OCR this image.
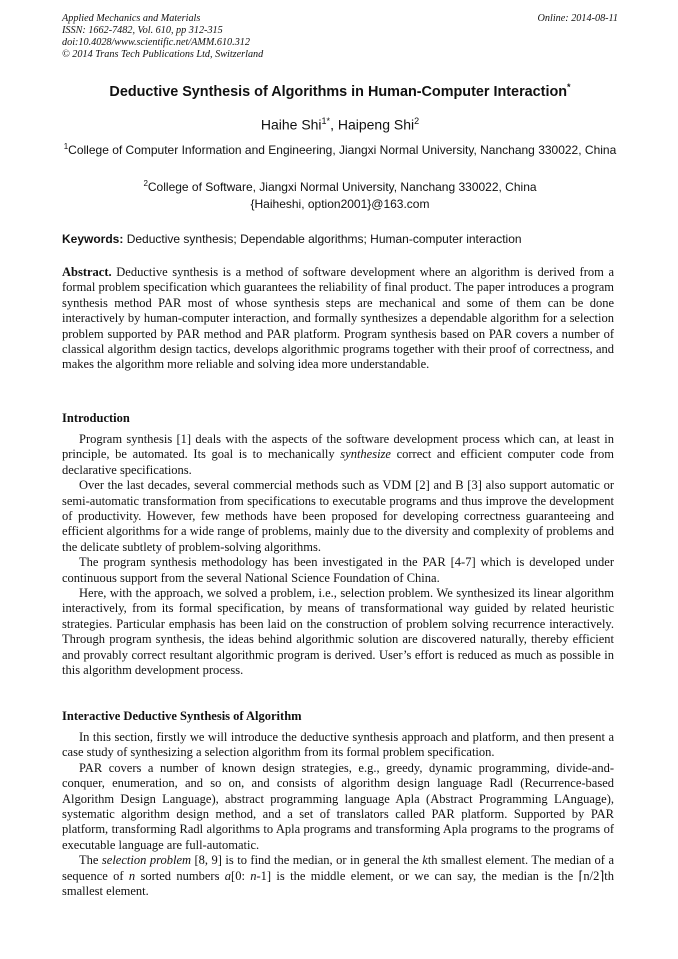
Applied Mechanics and Materials
ISSN: 1662-7482, Vol. 610, pp 312-315
doi:10.4028/www.scientific.net/AMM.610.312
© 2014 Trans Tech Publications Ltd, Switzerland
Online: 2014-08-11
Deductive Synthesis of Algorithms in Human-Computer Interaction*
Haihe Shi$^{1*}$, Haipeng Shi$^2$
$^1$College of Computer Information and Engineering, Jiangxi Normal University, Nanchang 330022, China
$^2$College of Software, Jiangxi Normal University, Nanchang 330022, China
{Haiheshi, option2001}@163.com
Keywords: Deductive synthesis; Dependable algorithms; Human-computer interaction
Abstract. Deductive synthesis is a method of software development where an algorithm is derived from a formal problem specification which guarantees the reliability of final product. The paper introduces a program synthesis method PAR most of whose synthesis steps are mechanical and some of them can be done interactively by human-computer interaction, and formally synthesizes a dependable algorithm for a selection problem supported by PAR method and PAR platform. Program synthesis based on PAR covers a number of classical algorithm design tactics, develops algorithmic programs together with their proof of correctness, and makes the algorithm more reliable and solving idea more understandable.
Introduction

Program synthesis [1] deals with the aspects of the software development process which can, at least in principle, be automated. Its goal is to mechanically synthesize correct and efficient computer code from declarative specifications.

Over the last decades, several commercial methods such as VDM [2] and B [3] also support automatic or semi-automatic transformation from specifications to executable programs and thus improve the development of productivity. However, few methods have been proposed for developing correctness guaranteeing and efficient algorithms for a wide range of problems, mainly due to the diversity and complexity of problems and the delicate subtlety of problem-solving algorithms.

The program synthesis methodology has been investigated in the PAR [4-7] which is developed under continuous support from the several National Science Foundation of China.

Here, with the approach, we solved a problem, i.e., selection problem. We synthesized its linear algorithm interactively, from its formal specification, by means of transformational way guided by related heuristic strategies. Particular emphasis has been laid on the construction of problem solving recurrence interactively. Through program synthesis, the ideas behind algorithmic solution are discovered naturally, thereby efficient and provably correct resultant algorithmic program is derived. User’s effort is reduced as much as possible in this algorithm development process.

Interactive Deductive Synthesis of Algorithm

In this section, firstly we will introduce the deductive synthesis approach and platform, and then present a case study of synthesizing a selection algorithm from its formal problem specification.

PAR covers a number of known design strategies, e.g., greedy, dynamic programming, divide-and-conquer, enumeration, and so on, and consists of algorithm design language Radl (Recurrence-based Algorithm Design Language), abstract programming language Apla (Abstract Programming LAnguage), systematic algorithm design method, and a set of translators called PAR platform. Supported by PAR platform, transforming Radl algorithms to Apla programs and transforming Apla programs to the programs of executable language are full-automatic.

The selection problem [8, 9] is to find the median, or in general the kth smallest element. The median of a sequence of n sorted numbers a[0: n-1] is the middle element, or we can say, the median is the ⌈n/2⌉th smallest element.
